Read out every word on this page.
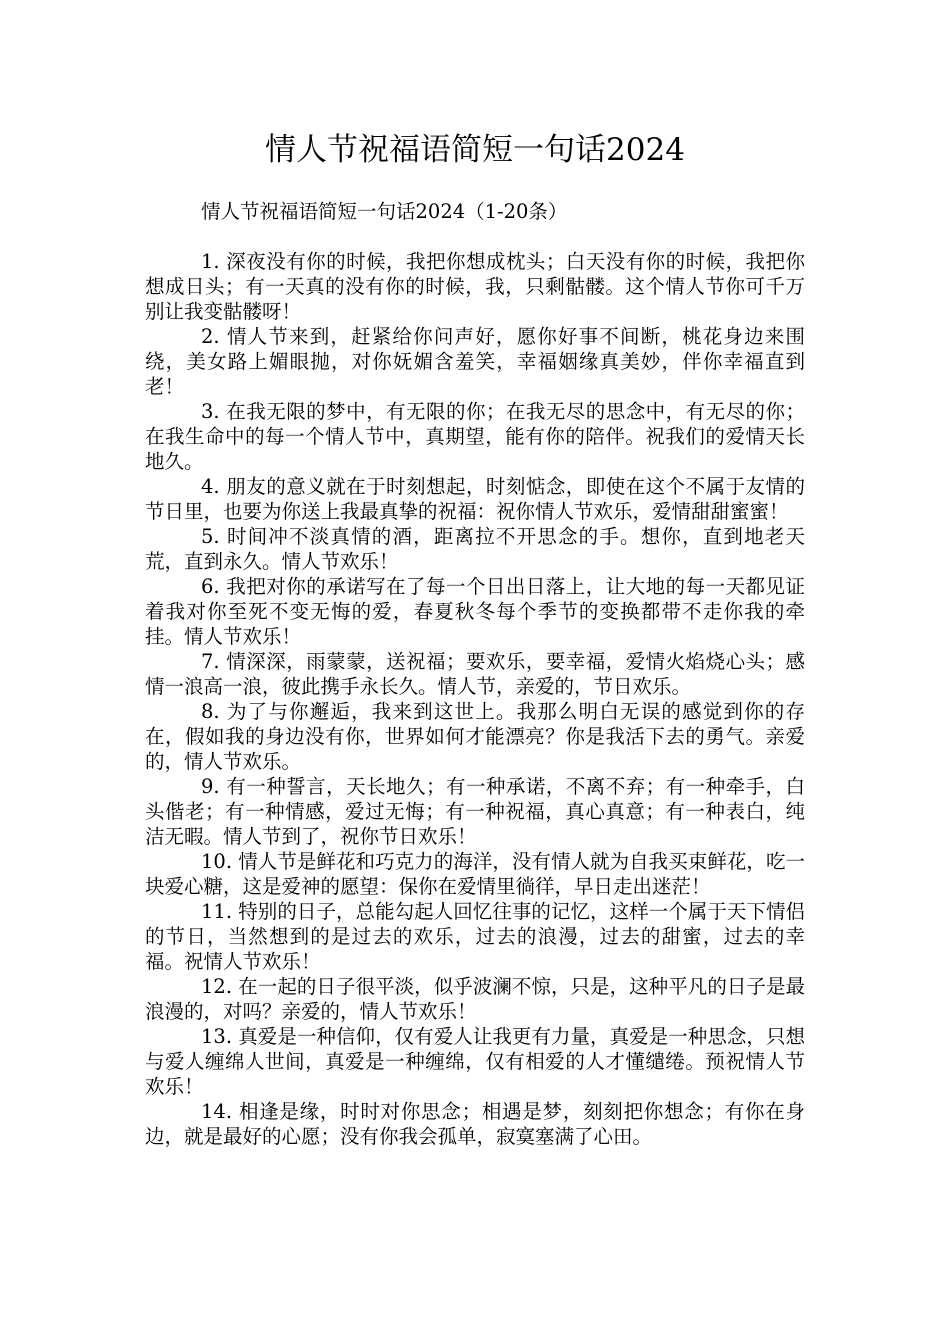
情人节祝福语简短一句话2024

情人节祝福语简短一句话2024（1-20条）

1. 深夜没有你的时候，我把你想成枕头；白天没有你的时候，我把你想成日头；有一天真的没有你的时候，我，只剩骷髅。这个情人节你可千万别让我变骷髅呀！

2. 情人节来到，赶紧给你问声好，愿你好事不间断，桃花身边来围绕，美女路上媚眼抛，对你妩媚含羞笑，幸福姻缘真美妙，伴你幸福直到老！

3. 在我无限的梦中，有无限的你；在我无尽的思念中，有无尽的你；在我生命中的每一个情人节中，真期望，能有你的陪伴。祝我们的爱情天长地久。

4. 朋友的意义就在于时刻想起，时刻惦念，即使在这个不属于友情的节日里，也要为你送上我最真挚的祝福：祝你情人节欢乐，爱情甜甜蜜蜜！

5. 时间冲不淡真情的酒，距离拉不开思念的手。想你，直到地老天荒，直到永久。情人节欢乐！

6. 我把对你的承诺写在了每一个日出日落上，让大地的每一天都见证着我对你至死不变无悔的爱，春夏秋冬每个季节的变换都带不走你我的牵挂。情人节欢乐！

7. 情深深，雨蒙蒙，送祝福；要欢乐，要幸福，爱情火焰烧心头；感情一浪高一浪，彼此携手永长久。情人节，亲爱的，节日欢乐。

8. 为了与你邂逅，我来到这世上。我那么明白无误的感觉到你的存在，假如我的身边没有你，世界如何才能漂亮？你是我活下去的勇气。亲爱的，情人节欢乐。

9. 有一种誓言，天长地久；有一种承诺，不离不弃；有一种牵手，白头偕老；有一种情感，爱过无悔；有一种祝福，真心真意；有一种表白，纯洁无暇。情人节到了，祝你节日欢乐！

10. 情人节是鲜花和巧克力的海洋，没有情人就为自我买束鲜花，吃一块爱心糖，这是爱神的愿望：保你在爱情里徜徉，早日走出迷茫！

11. 特别的日子，总能勾起人回忆往事的记忆，这样一个属于天下情侣的节日，当然想到的是过去的欢乐，过去的浪漫，过去的甜蜜，过去的幸福。祝情人节欢乐！

12. 在一起的日子很平淡，似乎波澜不惊，只是，这种平凡的日子是最浪漫的，对吗？亲爱的，情人节欢乐！

13. 真爱是一种信仰，仅有爱人让我更有力量，真爱是一种思念，只想与爱人缠绵人世间，真爱是一种缠绵，仅有相爱的人才懂缱绻。预祝情人节欢乐！

14. 相逢是缘，时时对你思念；相遇是梦，刻刻把你想念；有你在身边，就是最好的心愿；没有你我会孤单，寂寞塞满了心田。
